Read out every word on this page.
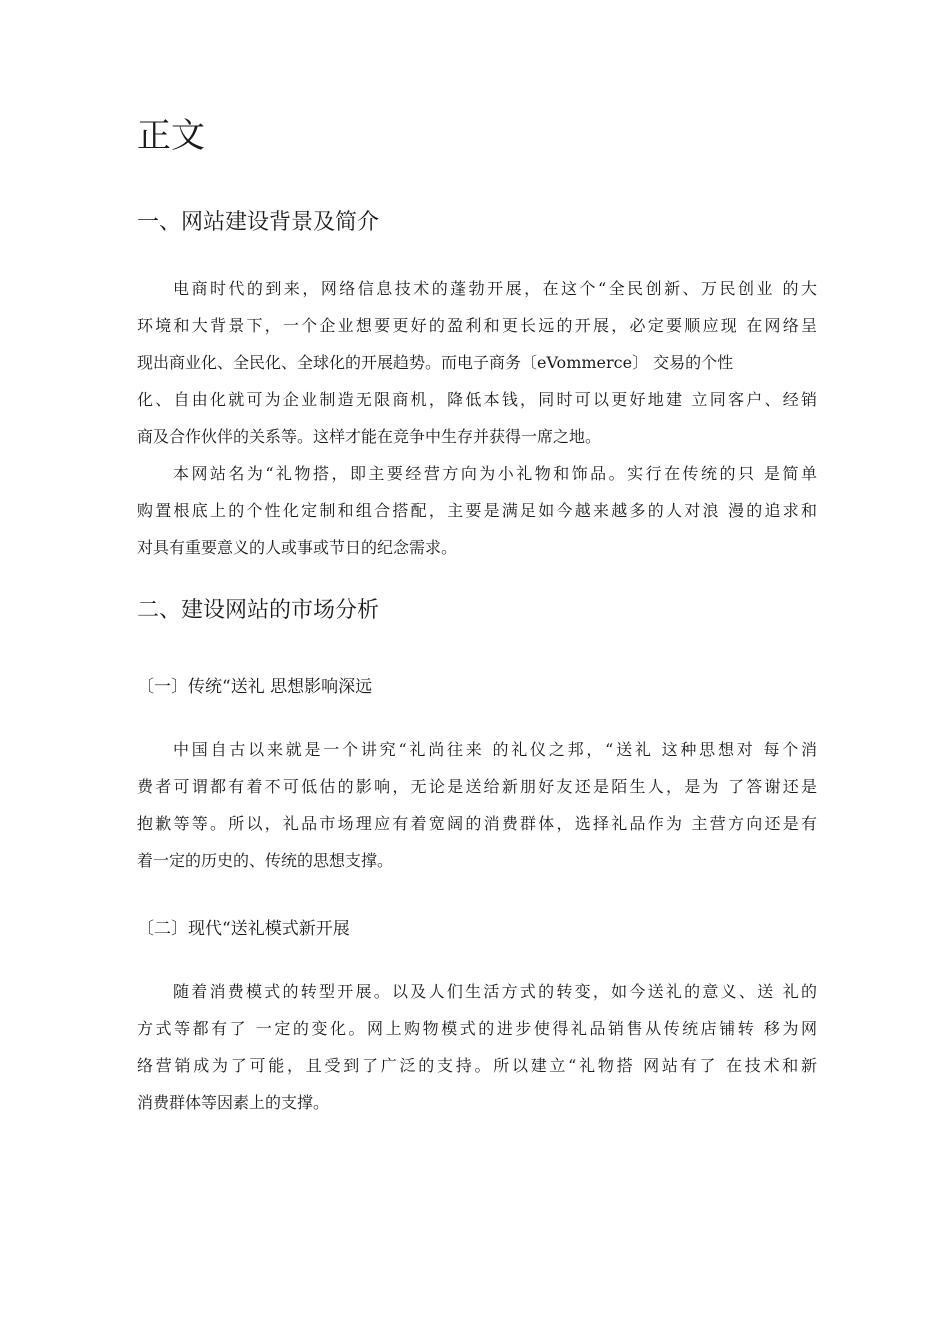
正文
一、网站建设背景及简介
电商时代的到来，网络信息技术的蓬勃开展，在这个“全民创新、万民创业 的大
环境和大背景下，一个企业想要更好的盈利和更长远的开展，必定要顺应现 在网络呈
现出商业化、全民化、全球化的开展趋势。而电子商务〔eVommerce〕 交易的个性
化、自由化就可为企业制造无限商机，降低本钱，同时可以更好地建 立同客户、经销
商及合作伙伴的关系等。这样才能在竞争中生存并获得一席之地。
本网站名为“礼物搭，即主要经营方向为小礼物和饰品。实行在传统的只 是简单
购置根底上的个性化定制和组合搭配，主要是满足如今越来越多的人对浪 漫的追求和
对具有重要意义的人或事或节日的纪念需求。
二、建设网站的市场分析
〔一〕传统“送礼 思想影响深远
中国自古以来就是一个讲究“礼尚往来 的礼仪之邦，“送礼 这种思想对 每个消
费者可谓都有着不可低估的影响，无论是送给新朋好友还是陌生人，是为 了答谢还是
抱歉等等。所以，礼品市场理应有着宽阔的消费群体，选择礼品作为 主营方向还是有
着一定的历史的、传统的思想支撑。
〔二〕现代“送礼模式新开展
随着消费模式的转型开展。以及人们生活方式的转变，如今送礼的意义、送 礼的
方式等都有了 一定的变化。网上购物模式的进步使得礼品销售从传统店铺转 移为网
络营销成为了可能，且受到了广泛的支持。所以建立“礼物搭 网站有了 在技术和新
消费群体等因素上的支撑。
